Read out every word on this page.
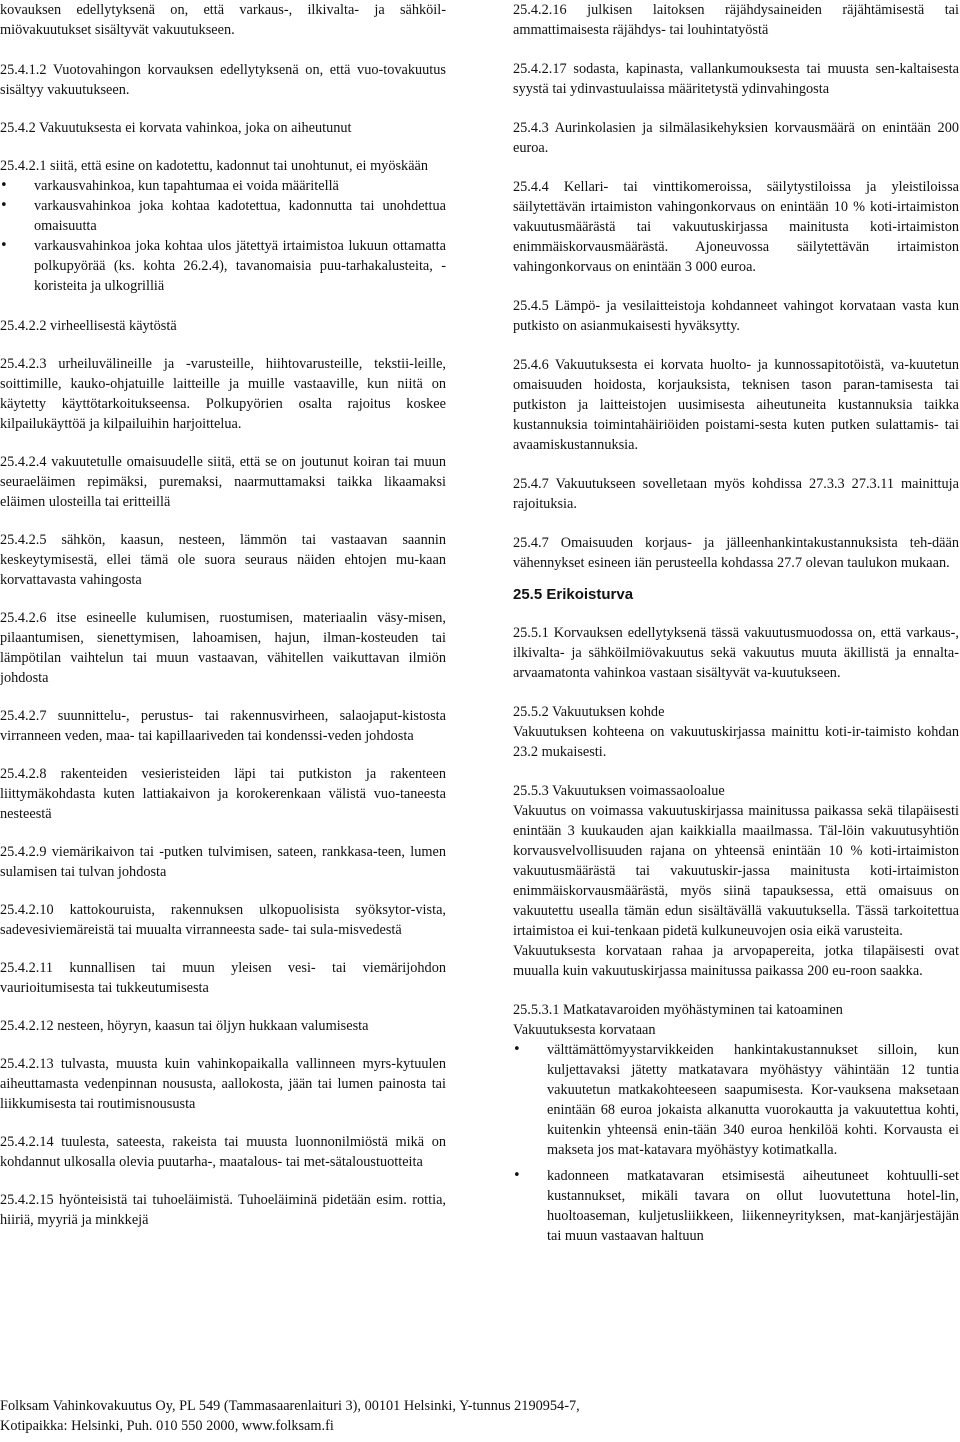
kovauksen edellytyksenä on, että varkaus-, ilkivalta- ja sähköil-miövakuutukset sisältyvät vakuutukseen.

25.4.1.2 Vuotovahingon korvauksen edellytyksenä on, että vuo-tovakuutus sisältyy vakuutukseen.

25.4.2 Vakuutuksesta ei korvata vahinkoa, joka on aiheutunut

25.4.2.1 siitä, että esine on kadotettu, kadonnut tai unohtunut, ei myöskään

• varkausvahinkoa, kun tapahtumaa ei voida määritellä
• varkausvahinkoa joka kohtaa kadotettua, kadonnutta tai unohdettua omaisuutta
• varkausvahinkoa joka kohtaa ulos jätettyä irtaimistoa lukuun ottamatta polkupyörää (ks. kohta 26.2.4), tavanomaisia puu-tarhakalusteita, -koristeita ja ulkogrilliä

25.4.2.2 virheellisestä käytöstä

25.4.2.3 urheiluvälineille ja -varusteille, hiihtovarusteille, tekstii-leille, soittimille, kauko-ohjatuille laitteille ja muille vastaaville, kun niitä on käytetty käyttötarkoitukseensa. Polkupyörien osalta rajoitus koskee kilpailukäyttöä ja kilpailuihin harjoittelua.

25.4.2.4 vakuutetulle omaisuudelle siitä, että se on joutunut koiran tai muun seuraeläimen repimäksi, puremaksi, naarmuttamaksi taikka likaamaksi eläimen ulosteilla tai eritteillä

25.4.2.5 sähkön, kaasun, nesteen, lämmön tai vastaavan saannin keskeytymisestä, ellei tämä ole suora seuraus näiden ehtojen mu-kaan korvattavasta vahingosta

25.4.2.6 itse esineelle kulumisen, ruostumisen, materiaalin väsy-misen, pilaantumisen, sienettymisen, lahoamisen, hajun, ilman-kosteuden tai lämpötilan vaihtelun tai muun vastaavan, vähitellen vaikuttavan ilmiön johdosta

25.4.2.7 suunnittelu-, perustus- tai rakennusvirheen, salaojaput-kistosta virranneen veden, maa- tai kapillaariveden tai kondenssi-veden johdosta

25.4.2.8 rakenteiden vesieristeiden läpi tai putkiston ja rakenteen liittymäkohdasta kuten lattiakaivon ja korokerenkaan välistä vuo-taneesta nesteestä

25.4.2.9 viemärikaivon tai -putken tulvimisen, sateen, rankkasa-teen, lumen sulamisen tai tulvan johdosta

25.4.2.10 kattokouruista, rakennuksen ulkopuolisista syöksytor-vista, sadevesiviemäreistä tai muualta virranneesta sade- tai sula-misvedestä

25.4.2.11 kunnallisen tai muun yleisen vesi- tai viemärijohdon vaurioitumisesta tai tukkeutumisesta

25.4.2.12 nesteen, höyryn, kaasun tai öljyn hukkaan valumisesta

25.4.2.13 tulvasta, muusta kuin vahinkopaikalla vallinneen myrs-kytuulen aiheuttamasta vedenpinnan noususta, aallokosta, jään tai lumen painosta tai liikkumisesta tai routimisnoususta

25.4.2.14 tuulesta, sateesta, rakeista tai muusta luonnonilmiöstä mikä on kohdannut ulkosalla olevia puutarha-, maatalous- tai met-sätaloustuotteita

25.4.2.15 hyönteisistä tai tuhoeläimistä. Tuhoeläiminä pidetään esim. rottia, hiiriä, myyriä ja minkkejä

25.4.2.16 julkisen laitoksen räjähdysaineiden räjähtämisestä tai ammattimaisesta räjähdys- tai louhintatyöstä

25.4.2.17 sodasta, kapinasta, vallankumouksesta tai muusta sen-kaltaisesta syystä tai ydinvastuulaissa määritetystä ydinvahingosta

25.4.3 Aurinkolasien ja silmälasikehyksien korvausmäärä on enintään 200 euroa.

25.4.4 Kellari- tai vinttikomeroissa, säilytystiloissa ja yleistiloissa säilytettävän irtaimiston vahingonkorvaus on enintään 10 % koti-irtaimiston vakuutusmäärästä tai vakuutuskirjassa mainitusta koti-irtaimiston enimmäiskorvausmäärästä. Ajoneuvossa säilytettävän irtaimiston vahingonkorvaus on enintään 3 000 euroa.

25.4.5 Lämpö- ja vesilaitteistoja kohdanneet vahingot korvataan vasta kun putkisto on asianmukaisesti hyväksytty.

25.4.6 Vakuutuksesta ei korvata huolto- ja kunnossapitotöistä, va-kuutetun omaisuuden hoidosta, korjauksista, teknisen tason paran-tamisesta tai putkiston ja laitteistojen uusimisesta aiheutuneita kustannuksia taikka kustannuksia toimintahäiriöiden poistami-sesta kuten putken sulattamis- tai avaamiskustannuksia.

25.4.7 Vakuutukseen sovelletaan myös kohdissa 27.3.3 27.3.11 mainittuja rajoituksia.

25.4.7 Omaisuuden korjaus- ja jälleenhankintakustannuksista teh-dään vähennykset esineen iän perusteella kohdassa 27.7 olevan taulukon mukaan.

25.5 Erikoisturva

25.5.1 Korvauksen edellytyksenä tässä vakuutusmuodossa on, että varkaus-, ilkivalta- ja sähköilmiövakuutus sekä vakuutus muuta äkillistä ja ennalta-arvaamatonta vahinkoa vastaan sisältyvät va-kuutukseen.

25.5.2 Vakuutuksen kohde

Vakuutuksen kohteena on vakuutuskirjassa mainittu koti-ir-taimisto kohdan 23.2 mukaisesti.

25.5.3 Vakuutuksen voimassaoloalue

Vakuutus on voimassa vakuutuskirjassa mainitussa paikassa sekä tilapäisesti enintään 3 kuukauden ajan kaikkialla maailmassa. Täl-löin vakuutusyhtiön korvausvelvollisuuden rajana on yhteensä enintään 10 % koti-irtaimiston vakuutusmäärästä tai vakuutuskir-jassa mainitusta koti-irtaimiston enimmäiskorvausmäärästä, myös siinä tapauksessa, että omaisuus on vakuutettu usealla tämän edun sisältävällä vakuutuksella. Tässä tarkoitettua irtaimistoa ei kui-tenkaan pidetä kulkuneuvojen osia eikä varusteita.

Vakuutuksesta korvataan rahaa ja arvopapereita, jotka tilapäisesti ovat muualla kuin vakuutuskirjassa mainitussa paikassa 200 eu-roon saakka.

25.5.3.1 Matkatavaroiden myöhästyminen tai katoaminen

Vakuutuksesta korvataan

• välttämättömyystarvikkeiden hankintakustannukset silloin, kun kuljettavaksi jätetty matkatavara myöhästyy vähintään 12 tuntia vakuutetun matkakohteeseen saapumisesta. Kor-vauksena maksetaan enintään 68 euroa jokaista alkanutta vuorokautta ja vakuutettua kohti, kuitenkin yhteensä enin-tään 340 euroa henkilöä kohti. Korvausta ei makseta jos mat-katavara myöhästyy kotimatkalla.
• kadonneen matkatavaran etsimisestä aiheutuneet kohtuulli-set kustannukset, mikäli tavara on ollut luovutettuna hotel-lin, huoltoaseman, kuljetusliikkeen, liikenneyrityksen, mat-kanjärjestäjän tai muun vastaavan haltuun
Folksam Vahinkovakuutus Oy, PL 549 (Tammasaarenlaituri 3), 00101 Helsinki, Y-tunnus 2190954-7,
Kotipaikka: Helsinki, Puh. 010 550 2000, www.folksam.fi
